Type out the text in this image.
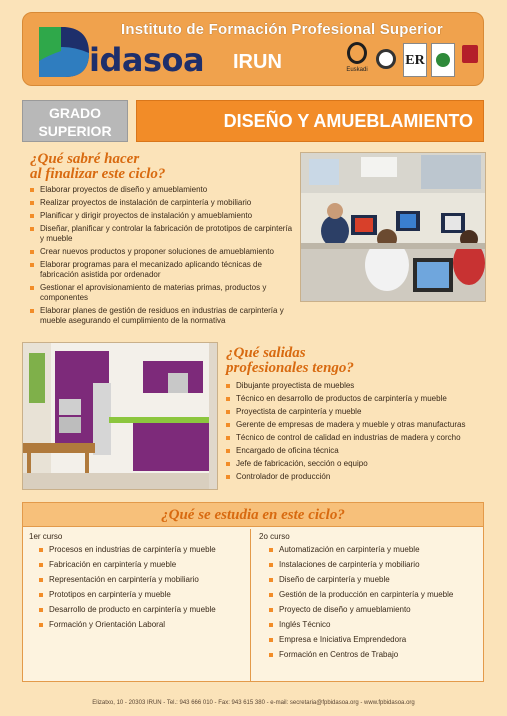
Instituto de Formación Profesional Superior
idasoa IRUN	Euskadi
ER
GRADO
SUPERIOR	DISEÑO Y AMUEBLAMIENTO
¿Qué sabré hacer
al finalizar este ciclo?
Elaborar proyectos de diseño y amueblamiento
Realizar proyectos de instalación de carpintería y mobiliario
Planificar y dirigir proyectos de instalación y amueblamiento
Diseñar, planificar y controlar la fabricación de prototipos de carpintería y mueble
Crear nuevos productos y proponer soluciones de amueblamiento
Elaborar programas para el mecanizado aplicando técnicas de fabricación asistida por ordenador
Gestionar el aprovisionamiento de materias primas, productos y componentes
Elaborar planes de gestión de residuos en industrias de carpintería y mueble asegurando el cumplimiento de la normativa
¿Qué salidas
profesionales tengo?
Dibujante proyectista de muebles
Técnico en desarrollo de productos de carpintería y mueble
Proyectista de carpintería y mueble
Gerente de empresas de madera y mueble y otras manufacturas
Técnico de control de calidad en industrias de madera y corcho
Encargado de oficina técnica
Jefe de fabricación, sección o equipo
Controlador de producción
¿Qué se estudia en este ciclo?
1er curso
Procesos en industrias de carpintería y mueble
Fabricación en carpintería y mueble
Representación en carpintería y mobiliario
Prototipos en carpintería y mueble
Desarrollo de producto en carpintería y mueble
Formación y Orientación Laboral
2o curso
Automatización en carpintería y mueble
Instalaciones de carpintería y mobiliario
Diseño de carpintería y mueble
Gestión de la producción en carpintería y mueble
Proyecto de diseño y amueblamiento
Inglés Técnico
Empresa e Iniciativa Emprendedora
Formación en Centros de Trabajo
Elizatxo, 10 - 20303 IRUN - Tel.: 943 666 010 - Fax: 943 615 380 - e-mail: secretaria@fpbidasoa.org - www.fpbidasoa.org
